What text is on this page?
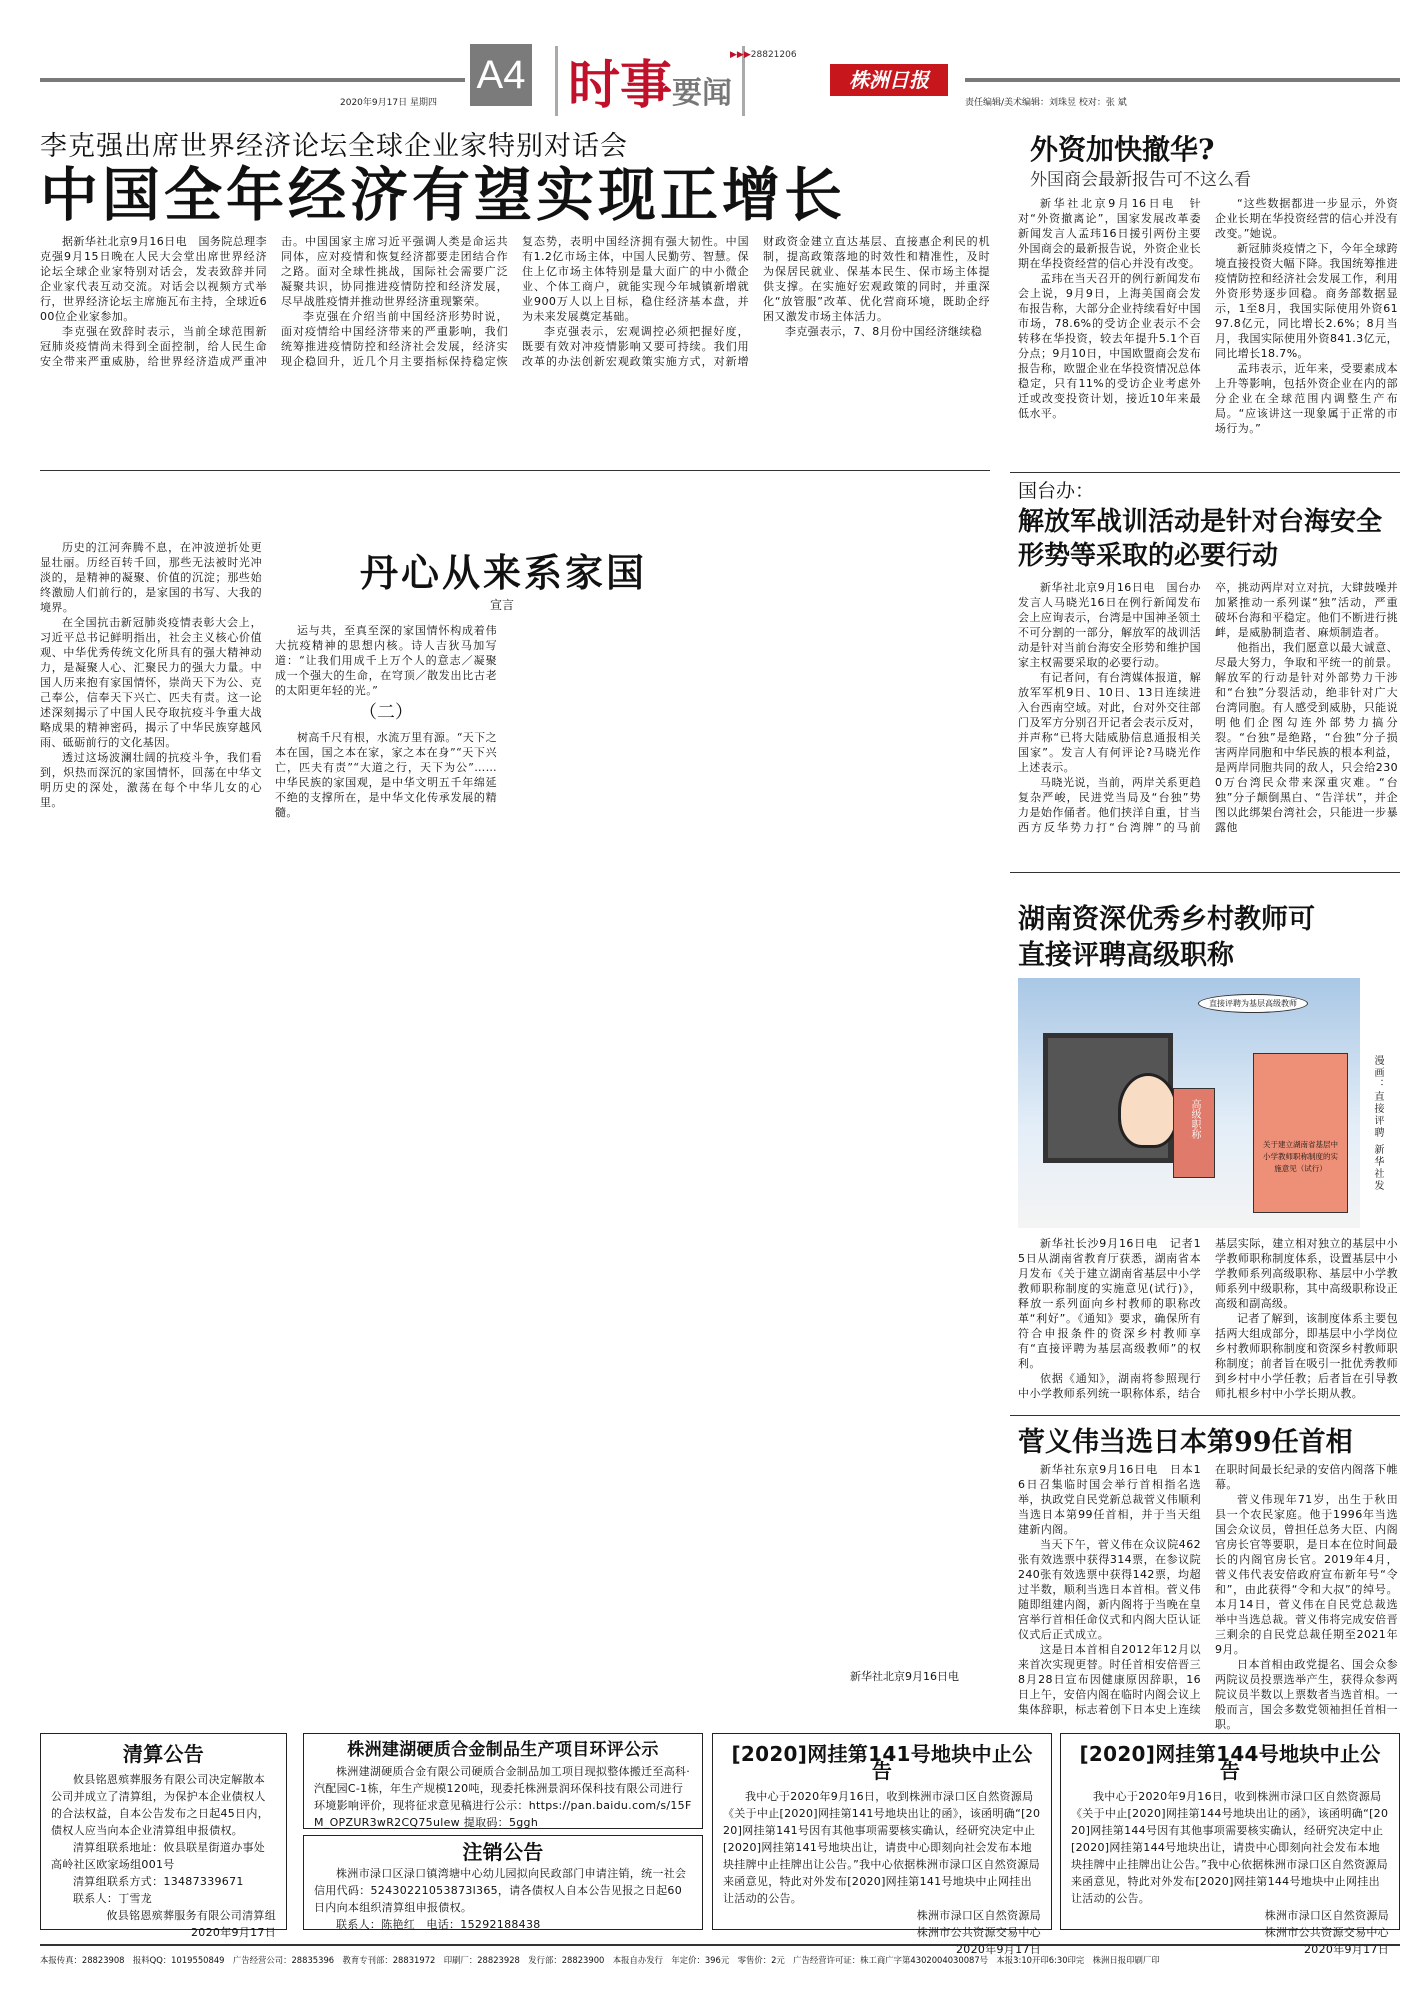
2020年9月17日 星期四
A4 时事 要闻
▶▶▶28821206
株洲日报
责任编辑/美术编辑：刘珠昱 校对：张 斌
李克强出席世界经济论坛全球企业家特别对话会
中国全年经济有望实现正增长

据新华社北京9月16日电　国务院总理李克强9月15日晚在人民大会堂出席世界经济论坛全球企业家特别对话会，发表致辞并同企业家代表互动交流。对话会以视频方式举行，世界经济论坛主席施瓦布主持，全球近600位企业家参加。

李克强在致辞时表示，当前全球范围新冠肺炎疫情尚未得到全面控制，给人民生命安全带来严重威胁，给世界经济造成严重冲击。中国国家主席习近平强调人类是命运共同体，应对疫情和恢复经济都要走团结合作之路。面对全球性挑战，国际社会需要广泛凝聚共识，协同推进疫情防控和经济发展，尽早战胜疫情并推动世界经济重现繁荣。

李克强在介绍当前中国经济形势时说，面对疫情给中国经济带来的严重影响，我们统筹推进疫情防控和经济社会发展，经济实现企稳回升，近几个月主要指标保持稳定恢复态势，表明中国经济拥有强大韧性。中国有1.2亿市场主体，中国人民勤劳、智慧。保住上亿市场主体特别是量大面广的中小微企业、个体工商户，就能实现今年城镇新增就业900万人以上目标，稳住经济基本盘，并为未来发展奠定基础。

李克强表示，宏观调控必须把握好度，既要有效对冲疫情影响又要可持续。我们用改革的办法创新宏观政策实施方式，对新增财政资金建立直达基层、直接惠企利民的机制，提高政策落地的时效性和精准性，及时为保居民就业、保基本民生、保市场主体提供支撑。在实施好宏观政策的同时，并重深化“放管服”改革、优化营商环境，既助企纾困又激发市场主体活力。

李克强表示，7、8月份中国经济继续稳

外资加快撤华?
外国商会最新报告可不这么看

新华社北京9月16日电　针对“外资撤离论”，国家发展改革委新闻发言人孟玮16日援引两份主要外国商会的最新报告说，外资企业长期在华投资经营的信心并没有改变。

孟玮在当天召开的例行新闻发布会上说，9月9日，上海美国商会发布报告称，大部分企业持续看好中国市场，78.6%的受访企业表示不会转移在华投资，较去年提升5.1个百分点；9月10日，中国欧盟商会发布报告称，欧盟企业在华投资情况总体稳定，只有11%的受访企业考虑外迁或改变投资计划，接近10年来最低水平。

“这些数据都进一步显示，外资企业长期在华投资经营的信心并没有改变。”她说。

新冠肺炎疫情之下，今年全球跨境直接投资大幅下降。我国统筹推进疫情防控和经济社会发展工作，利用外资形势逐步回稳。商务部数据显示，1至8月，我国实际使用外资6197.8亿元，同比增长2.6%；8月当月，我国实际使用外资841.3亿元，同比增长18.7%。

孟玮表示，近年来，受要素成本上升等影响，包括外资企业在内的部分企业在全球范围内调整生产布局。“应该讲这一现象属于正常的市场行为。”

国台办：
解放军战训活动是针对台海安全形势等采取的必要行动

新华社北京9月16日电　国台办发言人马晓光16日在例行新闻发布会上应询表示，台湾是中国神圣领土不可分割的一部分，解放军的战训活动是针对当前台海安全形势和维护国家主权需要采取的必要行动。

有记者问，有台湾媒体报道，解放军军机9日、10日、13日连续进入台西南空域。对此，台对外交往部门及军方分别召开记者会表示反对，并声称“已将大陆威胁信息通报相关国家”。发言人有何评论?马晓光作上述表示。

马晓光说，当前，两岸关系更趋复杂严峻，民进党当局及“台独”势力是始作俑者。他们挟洋自重，甘当西方反华势力打“台湾牌”的马前卒，挑动两岸对立对抗，大肆鼓噪并加紧推动一系列谋“独”活动，严重破坏台海和平稳定。他们不断进行挑衅，是威胁制造者、麻烦制造者。

他指出，我们愿意以最大诚意、尽最大努力，争取和平统一的前景。解放军的行动是针对外部势力干涉和“台独”分裂活动，绝非针对广大台湾同胞。有人感受到威胁，只能说明他们企图勾连外部势力搞分裂。“台独”是绝路，“台独”分子损害两岸同胞和中华民族的根本利益，是两岸同胞共同的敌人，只会给2300万台湾民众带来深重灾难。“台独”分子颠倒黑白、“告洋状”，并企图以此绑架台湾社会，只能进一步暴露他

湖南资深优秀乡村教师可直接评聘高级职称
直接评聘为基层高级教师
高级职称
关于建立湖南省基层中小学教师职称制度的实施意见（试行）	漫画：直接评聘 新华社发

新华社长沙9月16日电　记者15日从湖南省教育厅获悉，湖南省本月发布《关于建立湖南省基层中小学教师职称制度的实施意见(试行)》，释放一系列面向乡村教师的职称改革“利好”。《通知》要求，确保所有符合申报条件的资深乡村教师享有“直接评聘为基层高级教师”的权利。

依据《通知》，湖南将参照现行中小学教师系列统一职称体系，结合基层实际，建立相对独立的基层中小学教师职称制度体系，设置基层中小学教师系列高级职称、基层中小学教师系列中级职称，其中高级职称设正高级和副高级。

记者了解到，该制度体系主要包括两大组成部分，即基层中小学岗位乡村教师职称制度和资深乡村教师职称制度；前者旨在吸引一批优秀教师到乡村中小学任教；后者旨在引导教师扎根乡村中小学长期从教。

菅义伟当选日本第99任首相

新华社东京9月16日电　日本16日召集临时国会举行首相指名选举，执政党自民党新总裁菅义伟顺利当选日本第99任首相，并于当天组建新内阁。

当天下午，菅义伟在众议院462张有效选票中获得314票，在参议院240张有效选票中获得142票，均超过半数，顺利当选日本首相。菅义伟随即组建内阁，新内阁将于当晚在皇宫举行首相任命仪式和内阁大臣认证仪式后正式成立。

这是日本首相自2012年12月以来首次实现更替。时任首相安倍晋三8月28日宣布因健康原因辞职，16日上午，安倍内阁在临时内阁会议上集体辞职，标志着创下日本史上连续在职时间最长纪录的安倍内阁落下帷幕。

菅义伟现年71岁，出生于秋田县一个农民家庭。他于1996年当选国会众议员，曾担任总务大臣、内阁官房长官等要职，是日本在位时间最长的内阁官房长官。2019年4月，菅义伟代表安倍政府宣布新年号“令和”，由此获得“令和大叔”的绰号。本月14日，菅义伟在自民党总裁选举中当选总裁。菅义伟将完成安倍晋三剩余的自民党总裁任期至2021年9月。

日本首相由政党提名、国会众参两院议员投票选举产生，获得众参两院议员半数以上票数者当选首相。一般而言，国会多数党领袖担任首相一职。

丹心从来系家国
宣言

历史的江河奔腾不息，在冲波逆折处更显壮丽。历经百转千回，那些无法被时光冲淡的，是精神的凝聚、价值的沉淀；那些始终激励人们前行的，是家国的书写、大我的境界。

在全国抗击新冠肺炎疫情表彰大会上，习近平总书记鲜明指出，社会主义核心价值观、中华优秀传统文化所具有的强大精神动力，是凝聚人心、汇聚民力的强大力量。中国人历来抱有家国情怀，崇尚天下为公、克己奉公，信奉天下兴亡、匹夫有责。这一论述深刻揭示了中国人民夺取抗疫斗争重大战略成果的精神密码，揭示了中华民族穿越风雨、砥砺前行的文化基因。

透过这场波澜壮阔的抗疫斗争，我们看到，炽热而深沉的家国情怀，回荡在中华文明历史的深处，激荡在每个中华儿女的心里。

运与共，至真至深的家国情怀构成着伟大抗疫精神的思想内核。诗人吉狄马加写道：“让我们用成千上万个人的意志／凝聚成一个强大的生命，在穹顶／散发出比古老的太阳更年轻的光。”

（二）

树高千尺有根，水流万里有源。“天下之本在国，国之本在家，家之本在身”“天下兴亡，匹夫有责”“大道之行，天下为公”……中华民族的家国观，是中华文明五千年绵延不绝的支撑所在，是中华文化传承发展的精髓。

新华社北京9月16日电
清算公告

攸县铭恩殡葬服务有限公司决定解散本公司并成立了清算组，为保护本企业债权人的合法权益，自本公告发布之日起45日内，债权人应当向本企业清算组申报债权。

清算组联系地址：攸县联星街道办事处高岭社区欧家场组001号

清算组联系方式：13487339671

联系人：丁雪龙

攸县铭恩殡葬服务有限公司清算组

2020年9月17日

株洲建湖硬质合金制品生产项目环评公示

株洲建湖硬质合金有限公司硬质合金制品加工项目现拟整体搬迁至高科·汽配园C-1栋，年生产规模120吨，现委托株洲景润环保科技有限公司进行环境影响评价，现将征求意见稿进行公示：https://pan.baidu.com/s/15FM_OPZUR3wR2CQ75ulew 提取码：5ggh

注销公告

株洲市渌口区渌口镇湾塘中心幼儿园拟向民政部门申请注销，统一社会信用代码：52430221053873l365，请各债权人自本公告见报之日起60日内向本组织清算组申报债权。

联系人：陈艳红　电话：15292188438

[2020]网挂第141号地块中止公告

我中心于2020年9月16日，收到株洲市渌口区自然资源局《关于中止[2020]网挂第141号地块出让的函》，该函明确“[2020]网挂第141号因有其他事项需要核实确认，经研究决定中止[2020]网挂第141号地块出让，请贵中心即刻向社会发布本地块挂牌中止挂牌出让公告。”我中心依据株洲市渌口区自然资源局来函意见，特此对外发布[2020]网挂第141号地块中止网挂出让活动的公告。

株洲市渌口区自然资源局

株洲市公共资源交易中心

2020年9月17日

[2020]网挂第144号地块中止公告

我中心于2020年9月16日，收到株洲市渌口区自然资源局《关于中止[2020]网挂第144号地块出让的函》，该函明确“[2020]网挂第144号因有其他事项需要核实确认，经研究决定中止[2020]网挂第144号地块出让，请贵中心即刻向社会发布本地块挂牌中止挂牌出让公告。”我中心依据株洲市渌口区自然资源局来函意见，特此对外发布[2020]网挂第144号地块中止网挂出让活动的公告。

株洲市渌口区自然资源局

株洲市公共资源交易中心

2020年9月17日

本报传真：28823908　报料QQ：1019550849　广告经营公司：28835396　教育专刊部：28831972　印刷厂：28823928　发行部：28823900　本报自办发行　年定价：396元　零售价：2元　广告经营许可证：株工商广字第4302004030087号　本报3:10开印6:30印完　株洲日报印刷厂印
